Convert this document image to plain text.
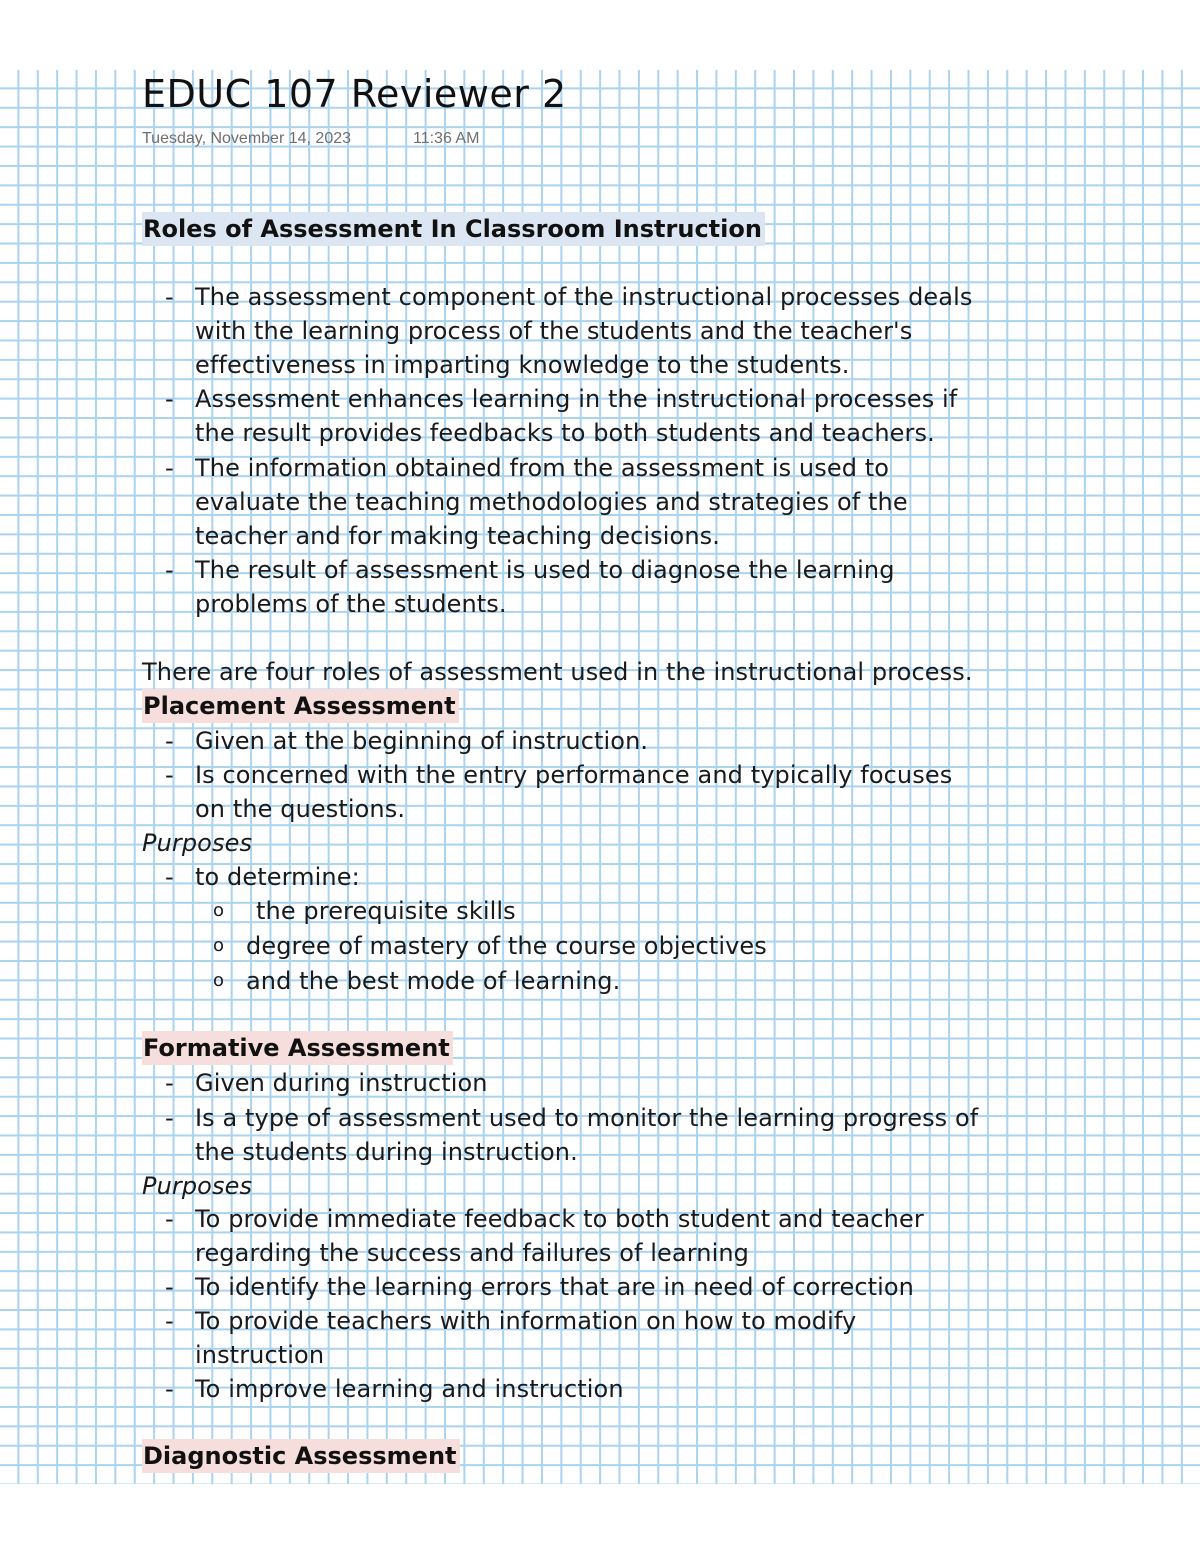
EDUC 107 Reviewer 2
Tuesday, November 14, 2023	11:36 AM
Roles of Assessment In Classroom Instruction
- The assessment component of the instructional processes deals
with the learning process of the students and the teacher's
effectiveness in imparting knowledge to the students.
- Assessment enhances learning in the instructional processes if
the result provides feedbacks to both students and teachers.
- The information obtained from the assessment is used to
evaluate the teaching methodologies and strategies of the
teacher and for making teaching decisions.
- The result of assessment is used to diagnose the learning
problems of the students.
There are four roles of assessment used in the instructional process.
Placement Assessment
- Given at the beginning of instruction.
- Is concerned with the entry performance and typically focuses
on the questions.
Purposes
- to determine:
o the prerequisite skills
o degree of mastery of the course objectives
o and the best mode of learning.
Formative Assessment
- Given during instruction
- Is a type of assessment used to monitor the learning progress of
the students during instruction.
Purposes
- To provide immediate feedback to both student and teacher
regarding the success and failures of learning
- To identify the learning errors that are in need of correction
- To provide teachers with information on how to modify
instruction
- To improve learning and instruction
Diagnostic Assessment
